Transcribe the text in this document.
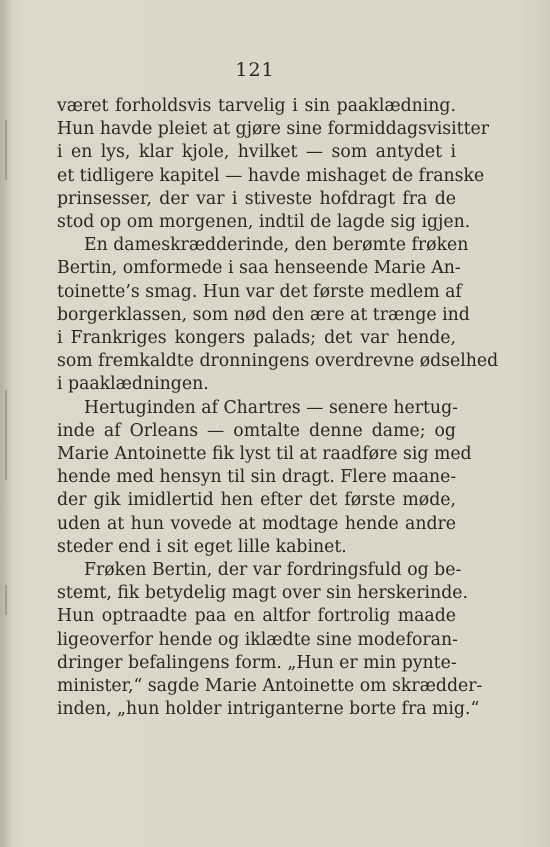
121
været forholdsvis tarvelig i sin paaklædning.
Hun havde pleiet at gjøre sine formiddagsvisitter
i en lys, klar kjole, hvilket — som antydet i
et tidligere kapitel — havde mishaget de franske
prinsesser, der var i stiveste hofdragt fra de
stod op om morgenen, indtil de lagde sig igjen.
En dameskrædderinde, den berømte frøken
Bertin, omformede i saa henseende Marie An-
toinette’s smag. Hun var det første medlem af
borgerklassen, som nød den ære at trænge ind
i Frankriges kongers palads; det var hende,
som fremkaldte dronningens overdrevne ødselhed
i paaklædningen.
Hertuginden af Chartres — senere hertug-
inde af Orleans — omtalte denne dame; og
Marie Antoinette fik lyst til at raadføre sig med
hende med hensyn til sin dragt. Flere maane-
der gik imidlertid hen efter det første møde,
uden at hun vovede at modtage hende andre
steder end i sit eget lille kabinet.
Frøken Bertin, der var fordringsfuld og be-
stemt, fik betydelig magt over sin herskerinde.
Hun optraadte paa en altfor fortrolig maade
ligeoverfor hende og iklædte sine modeforan-
dringer befalingens form. „Hun er min pynte-
minister,“ sagde Marie Antoinette om skrædder-
inden, „hun holder intriganterne borte fra mig.“
